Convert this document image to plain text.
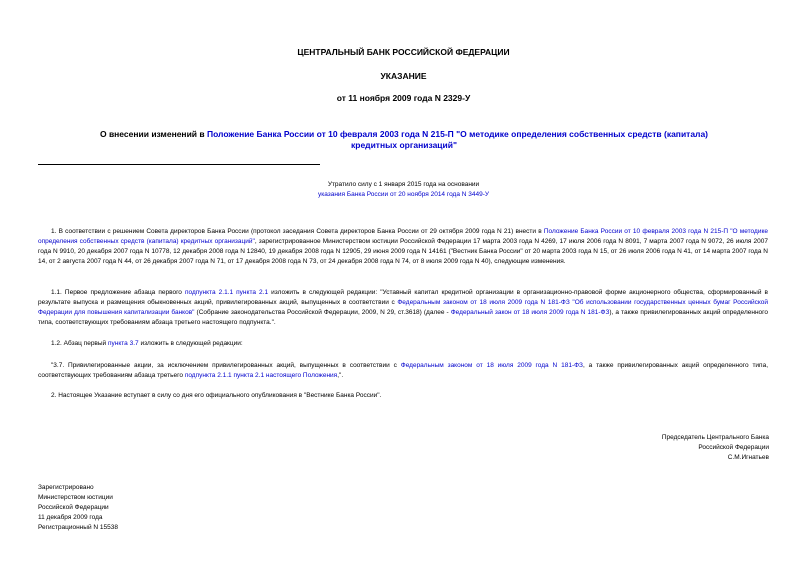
ЦЕНТРАЛЬНЫЙ БАНК РОССИЙСКОЙ ФЕДЕРАЦИИ
УКАЗАНИЕ
от 11 ноября 2009 года N 2329-У
О внесении изменений в Положение Банка России от 10 февраля 2003 года N 215-П "О методике определения собственных средств (капитала) кредитных организаций"
Утратило силу с 1 января 2015 года на основании
указания Банка России от 20 ноября 2014 года N 3449-У
1. В соответствии с решением Совета директоров Банка России (протокол заседания Совета директоров Банка России от 29 октября 2009 года N 21) внести в Положение Банка России от 10 февраля 2003 года N 215-П "О методике определения собственных средств (капитала) кредитных организаций", зарегистрированное Министерством юстиции Российской Федерации 17 марта 2003 года N 4269, 17 июля 2006 года N 8091, 7 марта 2007 года N 9072, 26 июля 2007 года N 9910, 20 декабря 2007 года N 10778, 12 декабря 2008 года N 12840, 19 декабря 2008 года N 12905, 29 июня 2009 года N 14161 ("Вестник Банка России" от 20 марта 2003 года N 15, от 26 июля 2006 года N 41, от 14 марта 2007 года N 14, от 2 августа 2007 года N 44, от 26 декабря 2007 года N 71, от 17 декабря 2008 года N 73, от 24 декабря 2008 года N 74, от 8 июля 2009 года N 40), следующие изменения.
1.1. Первое предложение абзаца первого подпункта 2.1.1 пункта 2.1 изложить в следующей редакции: "Уставный капитал кредитной организации в организационно-правовой форме акционерного общества, сформированный в результате выпуска и размещения обыкновенных акций, привилегированных акций, выпущенных в соответствии с Федеральным законом от 18 июля 2009 года N 181-ФЗ "Об использовании государственных ценных бумаг Российской Федерации для повышения капитализации банков" (Собрание законодательства Российской Федерации, 2009, N 29, ст.3618) (далее - Федеральный закон от 18 июля 2009 года N 181-ФЗ), а также привилегированных акций определенного типа, соответствующих требованиям абзаца третьего настоящего подпункта.".
1.2. Абзац первый пункта 3.7 изложить в следующей редакции:
"3.7. Привилегированные акции, за исключением привилегированных акций, выпущенных в соответствии с Федеральным законом от 18 июля 2009 года N 181-ФЗ, а также привилегированных акций определенного типа, соответствующих требованиям абзаца третьего подпункта 2.1.1 пункта 2.1 настоящего Положения,".
2. Настоящее Указание вступает в силу со дня его официального опубликования в "Вестнике Банка России".
Председатель Центрального Банка
Российской Федерации
С.М.Игнатьев
Зарегистрировано
Министерством юстиции
Российской Федерации
11 декабря 2009 года
Регистрационный N 15538
